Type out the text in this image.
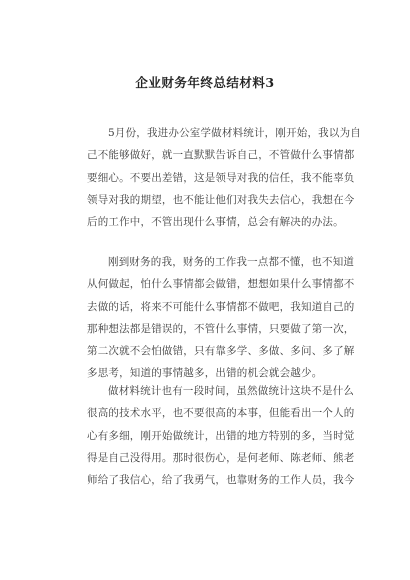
企业财务年终总结材料3
5月份，我进办公室学做材料统计，刚开始，我以为自
己不能够做好，就一直默默告诉自己，不管做什么事情都
要细心。不要出差错，这是领导对我的信任，我不能辜负
领导对我的期望，也不能让他们对我失去信心，我想在今
后的工作中，不管出现什么事情，总会有解决的办法。
刚到财务的我，财务的工作我一点都不懂，也不知道
从何做起，怕什么事情都会做错，想想如果什么事情都不
去做的话，将来不可能什么事情都不做吧，我知道自己的
那种想法都是错误的，不管什么事情，只要做了第一次，
第二次就不会怕做错，只有靠多学、多做、多问、多了解
多思考，知道的事情越多，出错的机会就会越少。
做材料统计也有一段时间，虽然做统计这块不是什么
很高的技术水平，也不要很高的本事，但能看出一个人的
心有多细，刚开始做统计，出错的地方特别的多，当时觉
得是自己没得用。那时很伤心，是何老师、陈老师、熊老
师给了我信心，给了我勇气，也靠财务的工作人员，我今
